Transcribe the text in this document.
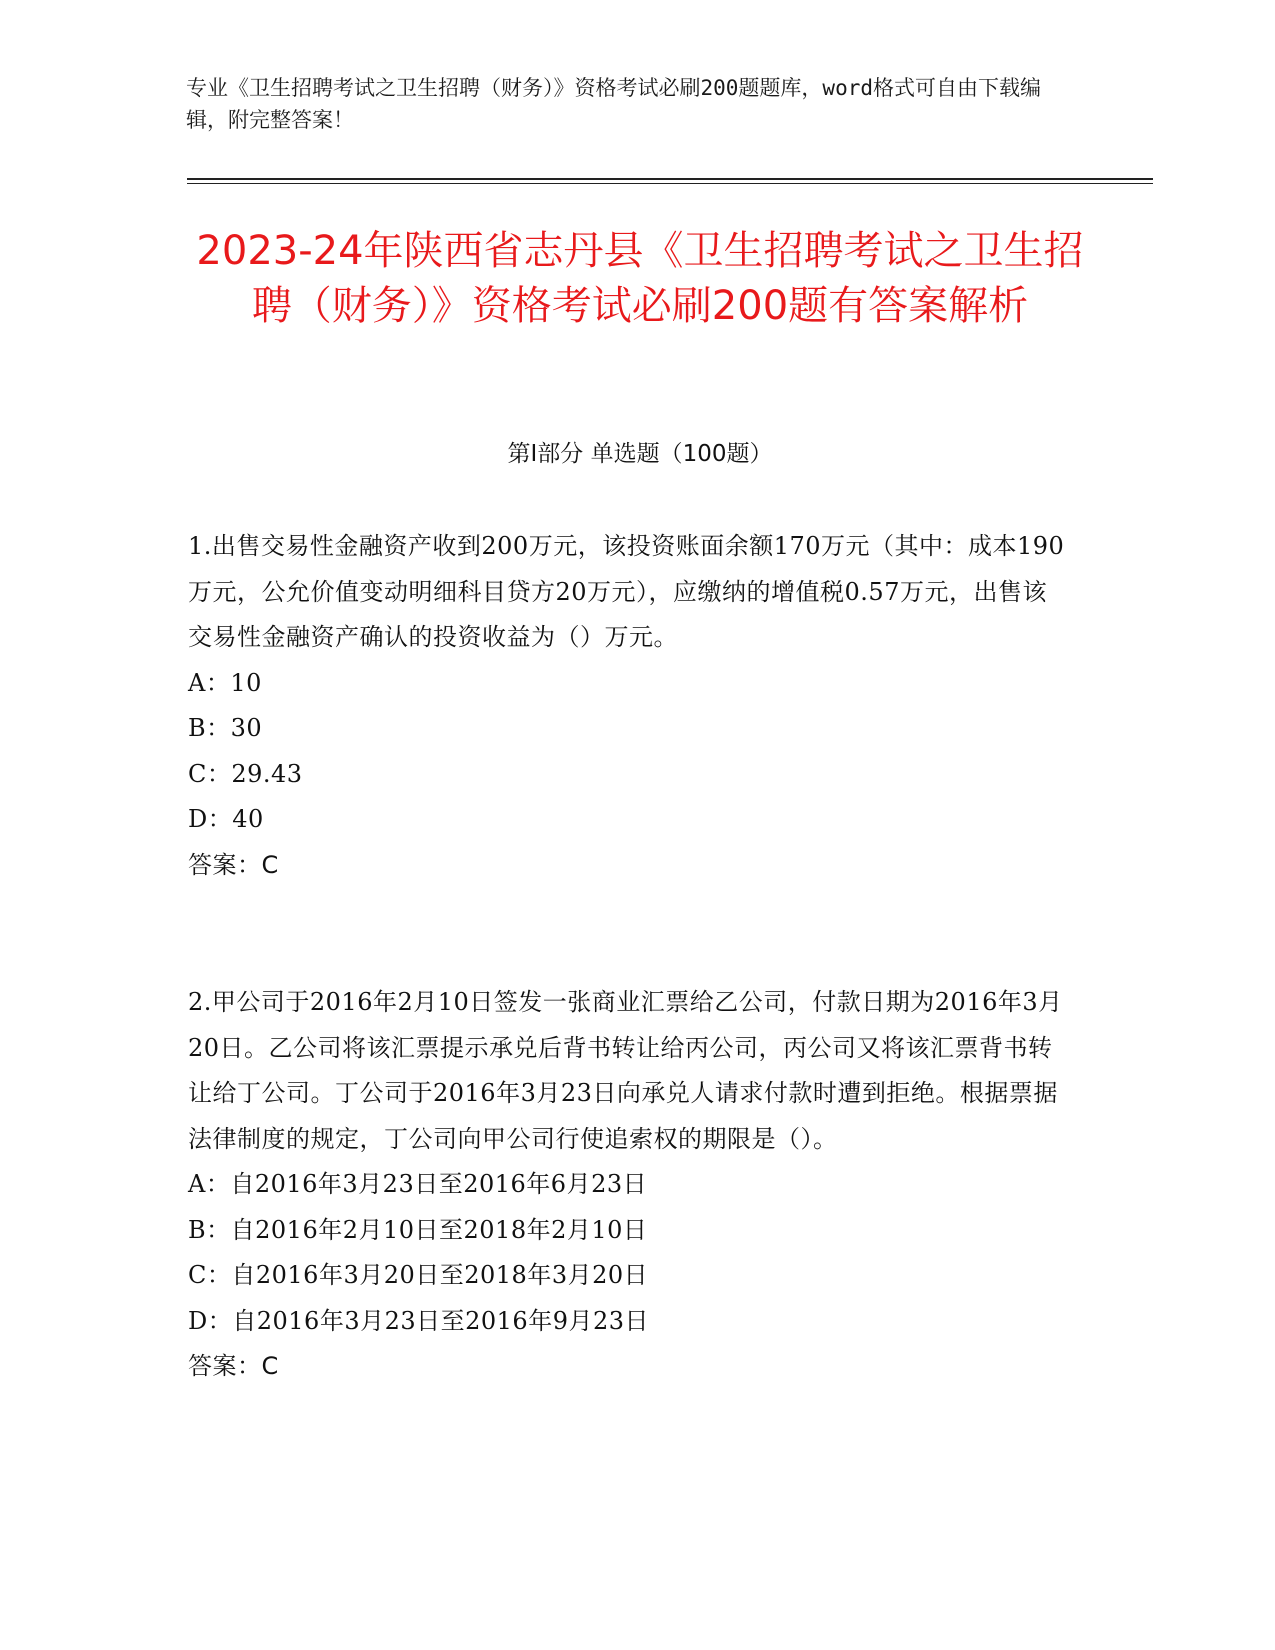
专业《卫生招聘考试之卫生招聘（财务）》资格考试必刷200题题库，word格式可自由下载编辑，附完整答案！
2023-24年陕西省志丹县《卫生招聘考试之卫生招聘（财务）》资格考试必刷200题有答案解析
第I部分 单选题（100题）

1.出售交易性金融资产收到200万元，该投资账面余额170万元（其中：成本190万元，公允价值变动明细科目贷方20万元），应缴纳的增值税0.57万元，出售该交易性金融资产确认的投资收益为（）万元。

A：10

B：30

C：29.43

D：40

答案：C

2.甲公司于2016年2月10日签发一张商业汇票给乙公司，付款日期为2016年3月20日。乙公司将该汇票提示承兑后背书转让给丙公司，丙公司又将该汇票背书转让给丁公司。丁公司于2016年3月23日向承兑人请求付款时遭到拒绝。根据票据法律制度的规定，丁公司向甲公司行使追索权的期限是（）。

A：自2016年3月23日至2016年6月23日

B：自2016年2月10日至2018年2月10日

C：自2016年3月20日至2018年3月20日

D：自2016年3月23日至2016年9月23日

答案：C
